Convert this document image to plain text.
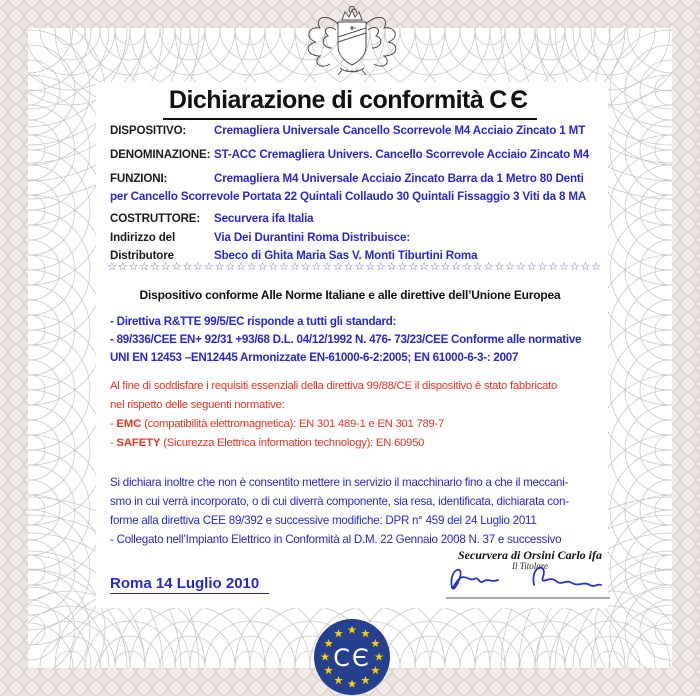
Dichiarazione di conformità CЄ
DISPOSITIVO: Cremagliera Universale Cancello Scorrevole M4 Acciaio Zincato 1 MT
DENOMINAZIONE: ST-ACC Cremagliera Univers. Cancello Scorrevole Acciaio Zincato M4
FUNZIONI:	Cremagliera M4 Universale Acciaio Zincato Barra da 1 Metro 80 Denti
per Cancello Scorrevole Portata 22 Quintali Collaudo 30 Quintali Fissaggio 3 Viti da 8 MA
COSTRUTTORE: Securvera ifa Italia
Indirizzo del	Via Dei Durantini Roma Distribuisce:
Distributore	Sbeco di Ghita Maria Sas V. Monti Tiburtini Roma
☆☆☆☆☆☆☆☆☆☆☆☆☆☆☆☆☆☆☆☆☆☆☆☆☆☆☆☆☆☆☆☆☆☆☆☆☆☆☆☆☆☆☆☆☆☆
Dispositivo conforme Alle Norme Italiane e alle direttive dell’Unione Europea
- Direttiva R&TTE 99/5/EC risponde a tutti gli standard:
- 89/336/CEE EN+ 92/31 +93/68 D.L. 04/12/1992 N. 476- 73/23/CEE Conforme alle normative
UNI EN 12453 –EN12445 Armonizzate EN-61000-6-2:2005; EN 61000-6-3-: 2007
Al fine di soddisfare i requisiti essenziali della direttiva 99/88/CE il dispositivo è stato fabbricato
nel rispetto delle seguenti normative:
- EMC (compatibilità elettromagnetica): EN 301 489-1 e EN 301 789-7
- SAFETY (Sicurezza Elettrica information technology): EN 60950
Si dichiara inoltre che non è consentito mettere in servizio il macchinario fino a che il meccani-
smo in cui verrà incorporato, o di cui diverrà componente, sia resa, identificata, dichiarata con-
forme alla direttiva CEE 89/392 e successive modifiche: DPR n° 459 del 24 Luglio 2011
- Collegato nell’Impianto Elettrico in Conformità al D.M. 22 Gennaio 2008 N. 37 e successivo
Securvera di Orsini Carlo ifa
Il Titolare
Roma 14 Luglio 2010
CЄ
